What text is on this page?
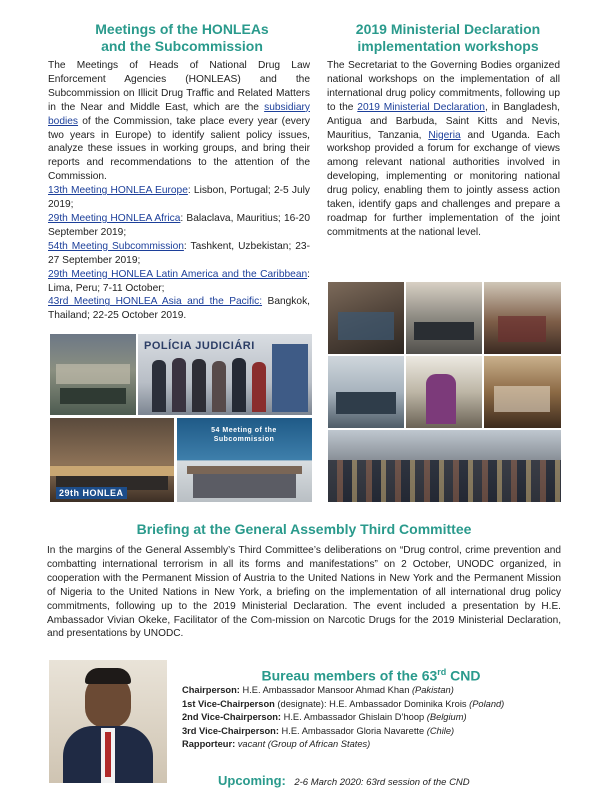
Meetings of the HONLEAs
and the Subcommission

The Meetings of Heads of National Drug Law Enforcement Agencies (HONLEAS) and the Subcommission on Illicit Drug Traffic and Related Matters in the Near and Middle East, which are the subsidiary bodies of the Commission, take place every year (every two years in Europe) to identify salient policy issues, analyze these issues in working groups, and bring their reports and recommendations to the attention of the Commission.

13th Meeting HONLEA Europe: Lisbon, Portugal; 2-5 July 2019;

29th Meeting HONLEA Africa: Balaclava, Mauritius; 16-20 September 2019;

54th Meeting Subcommission: Tashkent, Uzbekistan; 23-27 September 2019;

29th Meeting HONLEA Latin America and the Caribbean: Lima, Peru; 7-11 October;

43rd Meeting HONLEA Asia and the Pacific: Bangkok, Thailand; 22-25 October 2019.

POLÍCIA JUDICIÁRI
29th HONLEA
54 Meeting of the Subcommission
2019 Ministerial Declaration
implementation workshops

The Secretariat to the Governing Bodies organized national workshops on the implementation of all international drug policy commitments, following up to the 2019 Ministerial Declaration, in Bangladesh, Antigua and Barbuda, Saint Kitts and Nevis, Mauritius, Tanzania, Nigeria and Uganda. Each workshop provided a forum for exchange of views among relevant national authorities involved in developing, implementing or monitoring national drug policy, enabling them to jointly assess action taken, identify gaps and challenges and prepare a roadmap for further implementation of the joint commitments at the national level.

Briefing at the General Assembly Third Committee

In the margins of the General Assembly’s Third Committee’s deliberations on “Drug control, crime prevention and combatting international terrorism in all its forms and manifestations” on 2 October, UNODC organized, in cooperation with the Permanent Mission of Austria to the United Nations in New York and the Permanent Mission of Nigeria to the United Nations in New York, a briefing on the implementation of all international drug policy commitments, following up to the 2019 Ministerial Declaration. The event included a presentation by H.E. Ambassador Vivian Okeke, Facilitator of the Com-mission on Narcotic Drugs for the 2019 Ministerial Declaration, and presentations by UNODC.

Bureau members of the 63rd CND
Chairperson: H.E. Ambassador Mansoor Ahmad Khan (Pakistan)
1st Vice-Chairperson (designate): H.E. Ambassador Dominika Krois (Poland)
2nd Vice-Chairperson: H.E. Ambassador Ghislain D’hoop (Belgium)
3rd Vice-Chairperson: H.E. Ambassador Gloria Navarette (Chile)
Rapporteur: vacant (Group of African States)
Upcoming: 2-6 March 2020: 63rd session of the CND
